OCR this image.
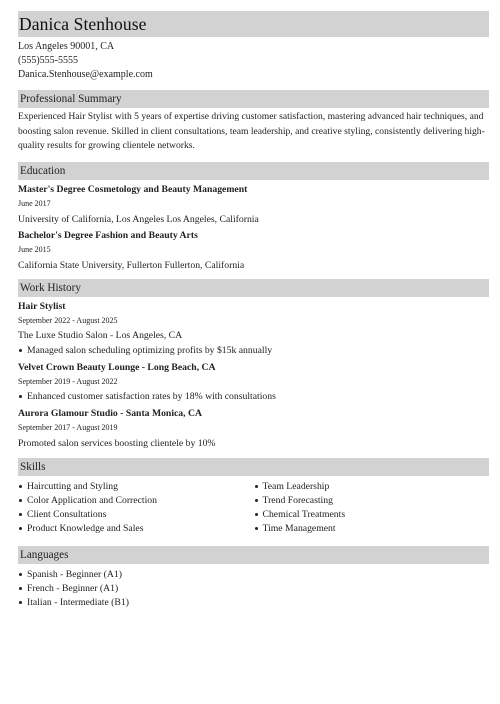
Danica Stenhouse
Los Angeles 90001, CA
(555)555-5555
Danica.Stenhouse@example.com
Professional Summary
Experienced Hair Stylist with 5 years of expertise driving customer satisfaction, mastering advanced hair techniques, and boosting salon revenue. Skilled in client consultations, team leadership, and creative styling, consistently delivering high-quality results for growing clientele networks.
Education
Master's Degree Cosmetology and Beauty Management
June 2017
University of California, Los Angeles Los Angeles, California
Bachelor's Degree Fashion and Beauty Arts
June 2015
California State University, Fullerton Fullerton, California
Work History
Hair Stylist
September 2022 - August 2025
The Luxe Studio Salon - Los Angeles, CA
Managed salon scheduling optimizing profits by $15k annually
Velvet Crown Beauty Lounge - Long Beach, CA
September 2019 - August 2022
Enhanced customer satisfaction rates by 18% with consultations
Aurora Glamour Studio - Santa Monica, CA
September 2017 - August 2019
Promoted salon services boosting clientele by 10%
Skills
Haircutting and Styling
Color Application and Correction
Client Consultations
Product Knowledge and Sales
Team Leadership
Trend Forecasting
Chemical Treatments
Time Management
Languages
Spanish - Beginner (A1)
French - Beginner (A1)
Italian - Intermediate (B1)
